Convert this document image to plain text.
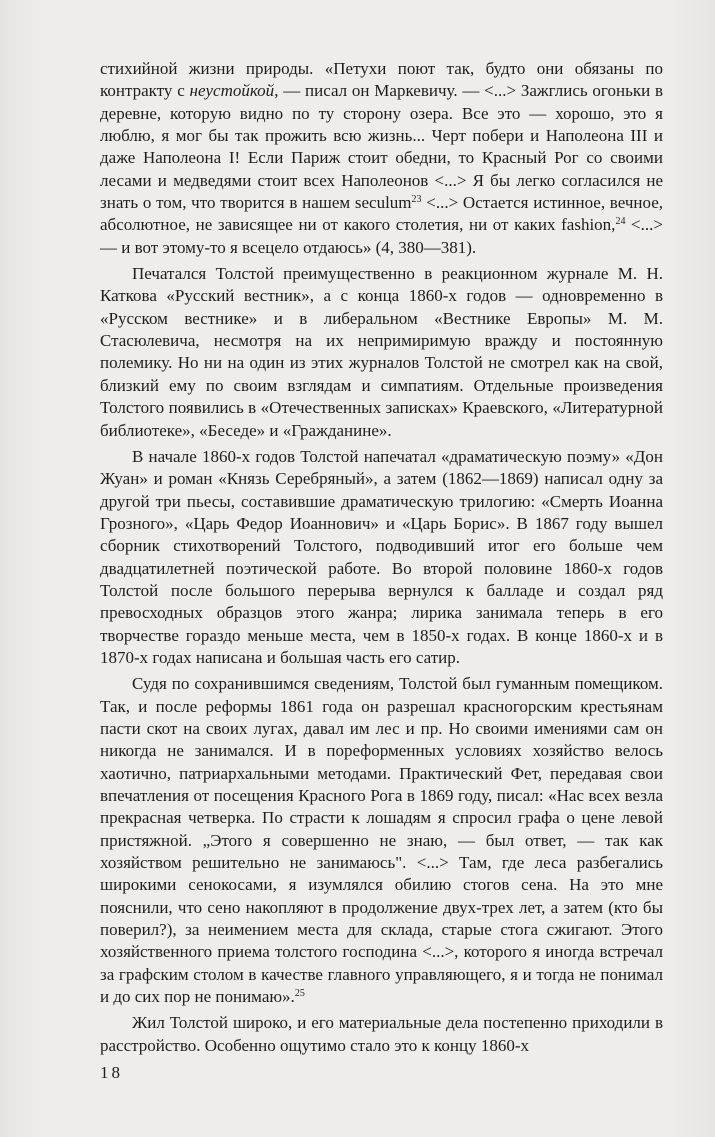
стихийной жизни природы. «Петухи поют так, будто они обязаны по контракту с неустойкой, — писал он Маркевичу. — <...> Зажглись огоньки в деревне, которую видно по ту сторону озера. Все это — хорошо, это я люблю, я мог бы так прожить всю жизнь... Черт побери и Наполеона III и даже Наполеона I! Если Париж стоит обедни, то Красный Рог со своими лесами и медведями стоит всех Наполеонов <...> Я бы легко согласился не знать о том, что творится в нашем seculum$^{23}$ <...> Остается истинное, вечное, абсолютное, не зависящее ни от какого столетия, ни от каких fashion,$^{24}$ <...> — и вот этому-то я всецело отдаюсь» (4, 380—381).

Печатался Толстой преимущественно в реакционном журнале М. Н. Каткова «Русский вестник», а с конца 1860-х годов — одновременно в «Русском вестнике» и в либеральном «Вестнике Европы» М. М. Стасюлевича, несмотря на их непримиримую вражду и постоянную полемику. Но ни на один из этих журналов Толстой не смотрел как на свой, близкий ему по своим взглядам и симпатиям. Отдельные произведения Толстого появились в «Отечественных записках» Краевского, «Литературной библиотеке», «Беседе» и «Гражданине».

В начале 1860-х годов Толстой напечатал «драматическую поэму» «Дон Жуан» и роман «Князь Серебряный», а затем (1862—1869) написал одну за другой три пьесы, составившие драматическую трилогию: «Смерть Иоанна Грозного», «Царь Федор Иоаннович» и «Царь Борис». В 1867 году вышел сборник стихотворений Толстого, подводивший итог его больше чем двадцатилетней поэтической работе. Во второй половине 1860-х годов Толстой после большого перерыва вернулся к балладе и создал ряд превосходных образцов этого жанра; лирика занимала теперь в его творчестве гораздо меньше места, чем в 1850-х годах. В конце 1860-х и в 1870-х годах написана и большая часть его сатир.

Судя по сохранившимся сведениям, Толстой был гуманным помещиком. Так, и после реформы 1861 года он разрешал красногорским крестьянам пасти скот на своих лугах, давал им лес и пр. Но своими имениями сам он никогда не занимался. И в пореформенных условиях хозяйство велось хаотично, патриархальными методами. Практический Фет, передавая свои впечатления от посещения Красного Рога в 1869 году, писал: «Нас всех везла прекрасная четверка. По страсти к лошадям я спросил графа о цене левой пристяжной. „Этого я совершенно не знаю, — был ответ, — так как хозяйством решительно не занимаюсь". <...> Там, где леса разбегались широкими сенокосами, я изумлялся обилию стогов сена. На это мне пояснили, что сено накопляют в продолжение двух-трех лет, а затем (кто бы поверил?), за неимением места для склада, старые стога сжигают. Этого хозяйственного приема толстого господина <...>, которого я иногда встречал за графским столом в качестве главного управляющего, я и тогда не понимал и до сих пор не понимаю».$^{25}$

Жил Толстой широко, и его материальные дела постепенно приходили в расстройство. Особенно ощутимо стало это к концу 1860-х

18
